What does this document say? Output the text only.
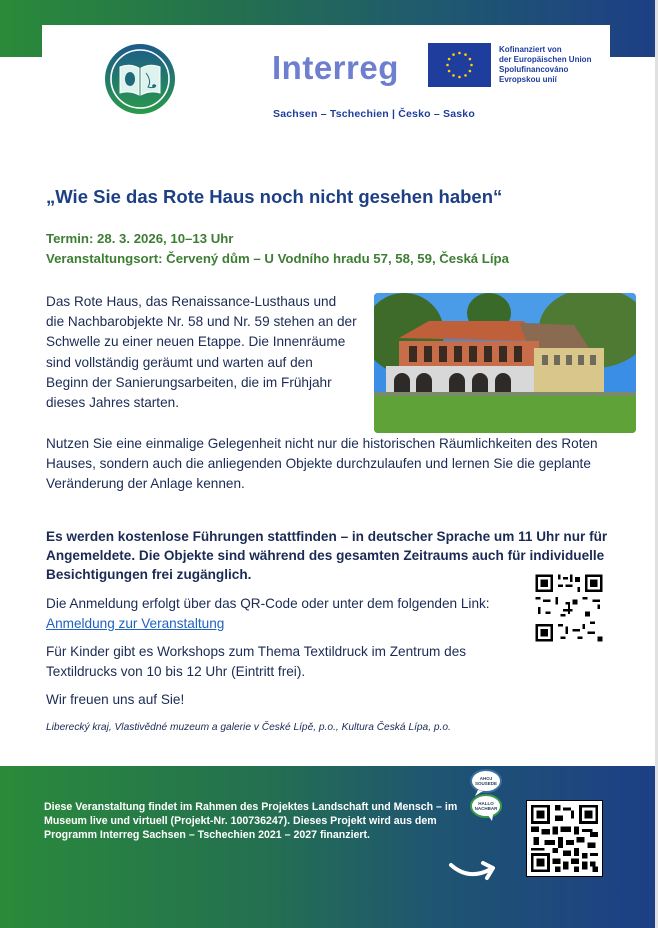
Interreg	Kofinanziert von
der Europäischen Union
Spolufinancováno
Evropskou unií
Sachsen – Tschechien | Česko – Sasko
„Wie Sie das Rote Haus noch nicht gesehen haben“
Termin: 28. 3. 2026, 10–13 Uhr
Veranstaltungsort: Červený dům – U Vodního hradu 57, 58, 59, Česká Lípa
Das Rote Haus, das Renaissance-Lusthaus und die Nachbarobjekte Nr. 58 und Nr. 59 stehen an der Schwelle zu einer neuen Etappe. Die Innenräume sind vollständig geräumt und warten auf den Beginn der Sanierungsarbeiten, die im Frühjahr dieses Jahres starten.
Nutzen Sie eine einmalige Gelegenheit nicht nur die historischen Räumlichkeiten des Roten Hauses, sondern auch die anliegenden Objekte durchzulaufen und lernen Sie die geplante Veränderung der Anlage kennen.
Es werden kostenlose Führungen stattfinden – in deutscher Sprache um 11 Uhr nur für Angemeldete. Die Objekte sind während des gesamten Zeitraums auch für individuelle Besichtigungen frei zugänglich.
Die Anmeldung erfolgt über das QR-Code oder unter dem folgenden Link: Anmeldung zur Veranstaltung
Für Kinder gibt es Workshops zum Thema Textildruck im Zentrum des Textildrucks von 10 bis 12 Uhr (Eintritt frei).
Wir freuen uns auf Sie!
Liberecký kraj, Vlastivědné muzeum a galerie v České Lípě, p.o., Kultura Česká Lípa, p.o.
Diese Veranstaltung findet im Rahmen des Projektes Landschaft und Mensch – im Museum live und virtuell (Projekt-Nr. 100736247). Dieses Projekt wird aus dem Programm Interreg Sachsen – Tschechien 2021 – 2027 finanziert.
AHOJ
SOUSEDE
HALLO
NACHBAR
